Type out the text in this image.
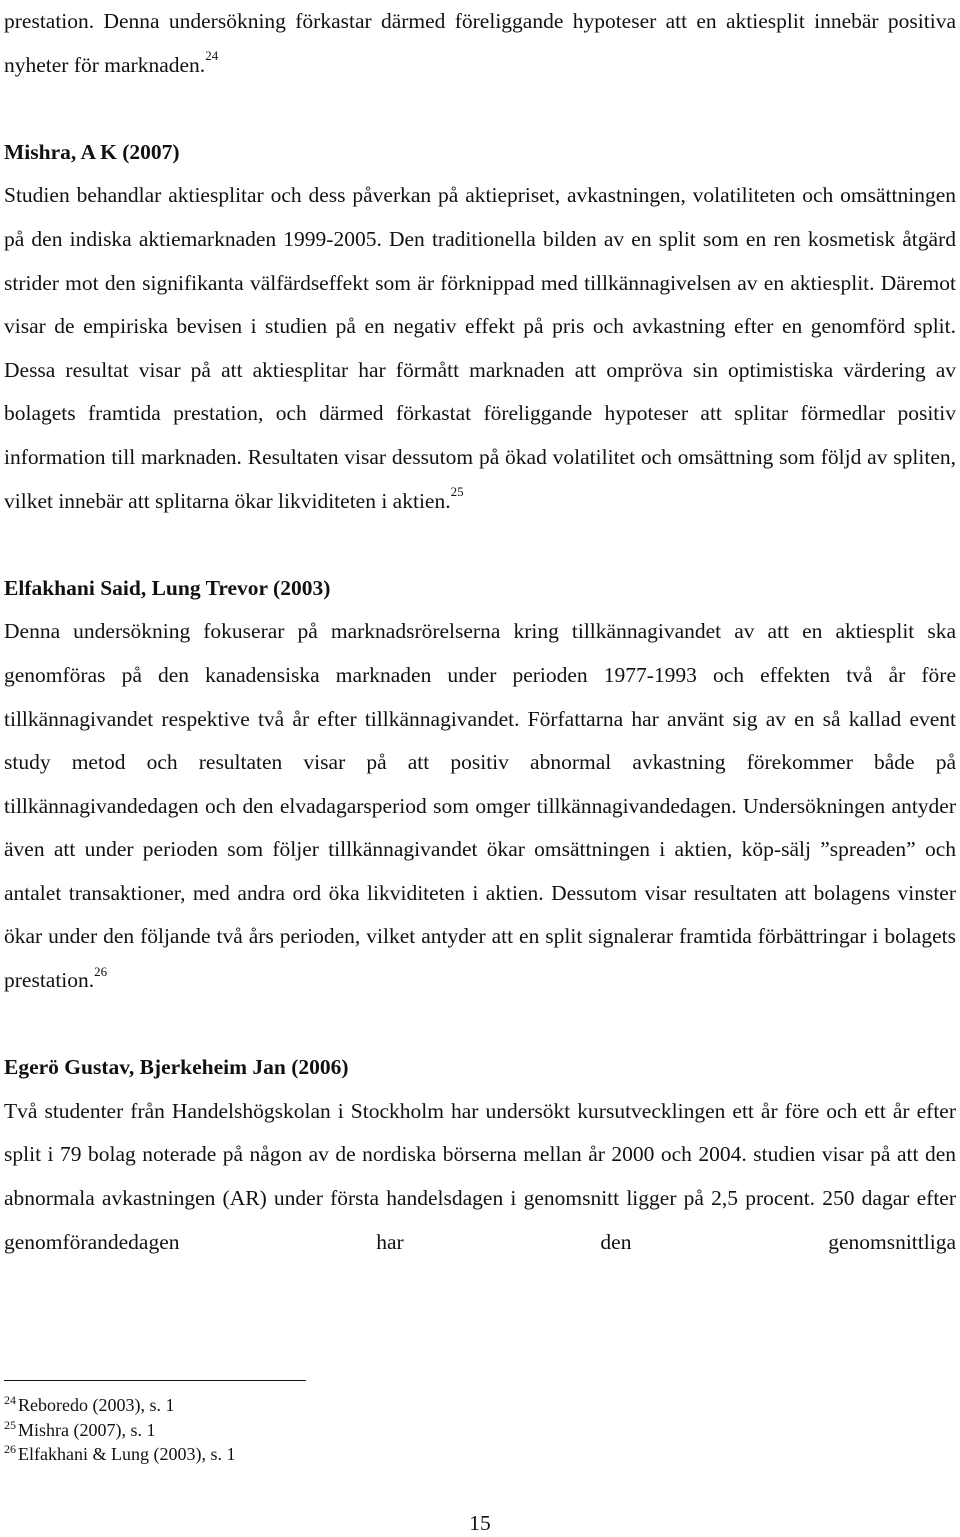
prestation. Denna undersökning förkastar därmed föreliggande hypoteser att en aktiesplit innebär positiva nyheter för marknaden.$^{24}$

Mishra, A K (2007)

Studien behandlar aktiesplitar och dess påverkan på aktiepriset, avkastningen, volatiliteten och omsättningen på den indiska aktiemarknaden 1999-2005. Den traditionella bilden av en split som en ren kosmetisk åtgärd strider mot den signifikanta välfärdseffekt som är förknippad med tillkännagivelsen av en aktiesplit. Däremot visar de empiriska bevisen i studien på en negativ effekt på pris och avkastning efter en genomförd split. Dessa resultat visar på att aktiesplitar har förmått marknaden att ompröva sin optimistiska värdering av bolagets framtida prestation, och därmed förkastat föreliggande hypoteser att splitar förmedlar positiv information till marknaden. Resultaten visar dessutom på ökad volatilitet och omsättning som följd av spliten, vilket innebär att splitarna ökar likviditeten i aktien.$^{25}$

Elfakhani Said, Lung Trevor (2003)

Denna undersökning fokuserar på marknadsrörelserna kring tillkännagivandet av att en aktiesplit ska genomföras på den kanadensiska marknaden under perioden 1977-1993 och effekten två år före tillkännagivandet respektive två år efter tillkännagivandet. Författarna har använt sig av en så kallad event study metod och resultaten visar på att positiv abnormal avkastning förekommer både på tillkännagivandedagen och den elvadagarsperiod som omger tillkännagivandedagen. Undersökningen antyder även att under perioden som följer tillkännagivandet ökar omsättningen i aktien, köp-sälj ”spreaden” och antalet transaktioner, med andra ord öka likviditeten i aktien. Dessutom visar resultaten att bolagens vinster ökar under den följande två års perioden, vilket antyder att en split signalerar framtida förbättringar i bolagets prestation.$^{26}$

Egerö Gustav, Bjerkeheim Jan (2006)

Två studenter från Handelshögskolan i Stockholm har undersökt kursutvecklingen ett år före och ett år efter split i 79 bolag noterade på någon av de nordiska börserna mellan år 2000 och 2004. studien visar på att den abnormala avkastningen (AR) under första handelsdagen i genomsnitt ligger på 2,5 procent. 250 dagar efter genomförandedagen har den genomsnittliga

$^{24}$ Reboredo (2003), s. 1
$^{25}$ Mishra (2007), s. 1
$^{26}$ Elfakhani & Lung (2003), s. 1
15
